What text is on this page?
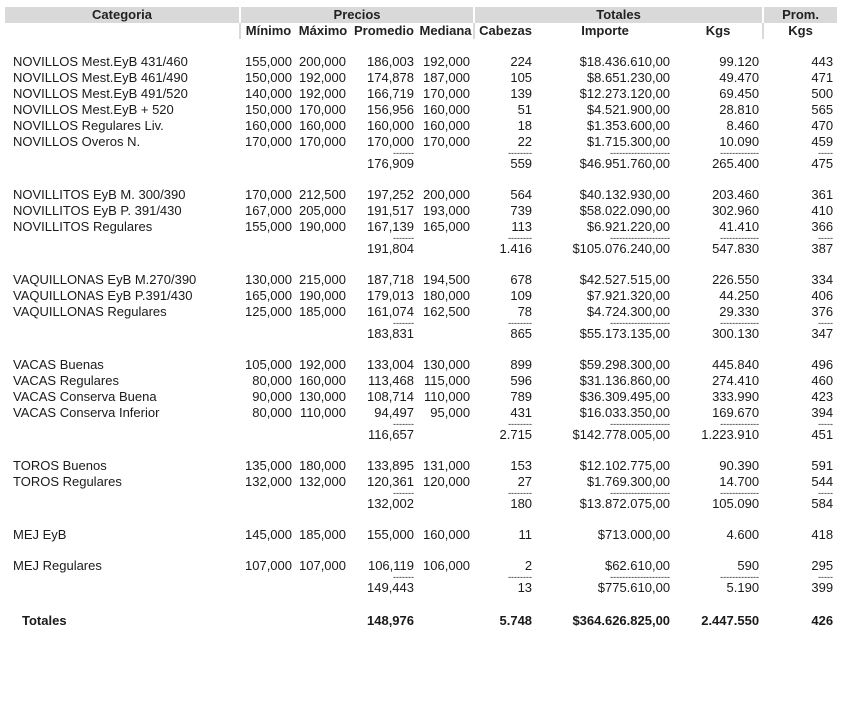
Categoria	Precios				Totales			Prom.
	Mínimo	Máximo	Promedio	Mediana	Cabezas	Importe	Kgs	Kgs

NOVILLOS Mest.EyB 431/460	155,000	200,000	186,003	192,000	224	$18.436.610,00	99.120	443
NOVILLOS Mest.EyB 461/490	150,000	192,000	174,878	187,000	105	$8.651.230,00	49.470	471
NOVILLOS Mest.EyB 491/520	140,000	192,000	166,719	170,000	139	$12.273.120,00	69.450	500
NOVILLOS Mest.EyB + 520	150,000	170,000	156,956	160,000	51	$4.521.900,00	28.810	565
NOVILLOS Regulares Liv.	160,000	160,000	160,000	160,000	18	$1.353.600,00	8.460	470
NOVILLOS Overos N.	170,000	170,000	170,000	170,000	22	$1.715.300,00	10.090	459
			-------		--------	--------------------	-------------	-----
			176,909		559	$46.951.760,00	265.400	475

NOVILLITOS EyB M. 300/390	170,000	212,500	197,252	200,000	564	$40.132.930,00	203.460	361
NOVILLITOS EyB P. 391/430	167,000	205,000	191,517	193,000	739	$58.022.090,00	302.960	410
NOVILLITOS Regulares	155,000	190,000	167,139	165,000	113	$6.921.220,00	41.410	366
			-------		--------	--------------------	-------------	-----
			191,804		1.416	$105.076.240,00	547.830	387

VAQUILLONAS EyB M.270/390	130,000	215,000	187,718	194,500	678	$42.527.515,00	226.550	334
VAQUILLONAS EyB P.391/430	165,000	190,000	179,013	180,000	109	$7.921.320,00	44.250	406
VAQUILLONAS Regulares	125,000	185,000	161,074	162,500	78	$4.724.300,00	29.330	376
			-------		--------	--------------------	-------------	-----
			183,831		865	$55.173.135,00	300.130	347

VACAS Buenas	105,000	192,000	133,004	130,000	899	$59.298.300,00	445.840	496
VACAS Regulares	80,000	160,000	113,468	115,000	596	$31.136.860,00	274.410	460
VACAS Conserva Buena	90,000	130,000	108,714	110,000	789	$36.309.495,00	333.990	423
VACAS Conserva Inferior	80,000	110,000	94,497	95,000	431	$16.033.350,00	169.670	394
			-------		--------	--------------------	-------------	-----
			116,657		2.715	$142.778.005,00	1.223.910	451

TOROS Buenos	135,000	180,000	133,895	131,000	153	$12.102.775,00	90.390	591
TOROS Regulares	132,000	132,000	120,361	120,000	27	$1.769.300,00	14.700	544
			-------		--------	--------------------	-------------	-----
			132,002		180	$13.872.075,00	105.090	584

MEJ EyB	145,000	185,000	155,000	160,000	11	$713.000,00	4.600	418

MEJ Regulares	107,000	107,000	106,119	106,000	2	$62.610,00	590	295
			-------		--------	--------------------	-------------	-----
			149,443		13	$775.610,00	5.190	399

Totales			148,976		5.748	$364.626.825,00	2.447.550	426
